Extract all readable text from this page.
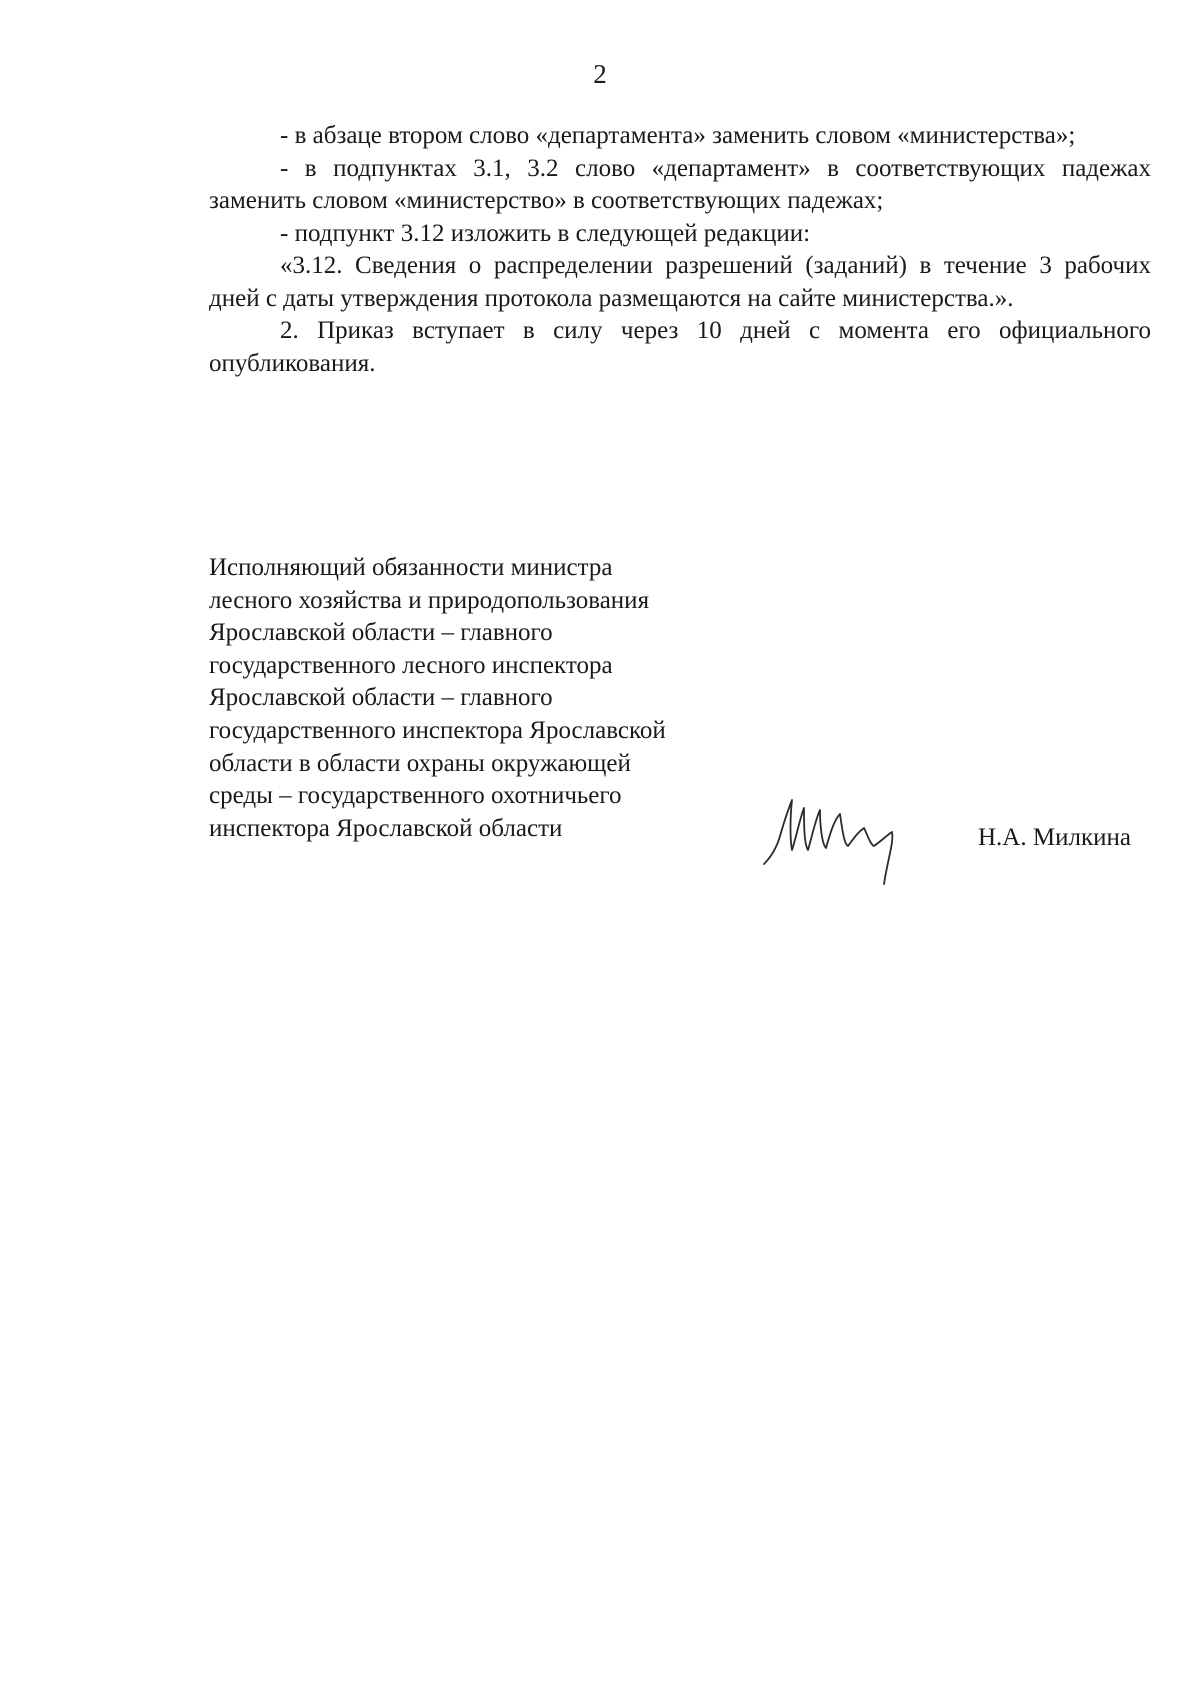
2

- в абзаце втором слово «департамента» заменить словом «министерства»;

- в подпунктах 3.1, 3.2 слово «департамент» в соответствующих падежах заменить словом «министерство» в соответствующих падежах;

- подпункт 3.12 изложить в следующей редакции:

«3.12. Сведения о распределении разрешений (заданий) в течение 3 рабочих дней с даты утверждения протокола размещаются на сайте министерства.».

2. Приказ вступает в силу через 10 дней с момента его официального опубликования.

Исполняющий обязанности министра
лесного хозяйства и природопользования
Ярославской области – главного
государственного лесного инспектора
Ярославской области – главного
государственного инспектора Ярославской
области в области охраны окружающей
среды – государственного охотничьего
инспектора Ярославской области	Н.А. Милкина
